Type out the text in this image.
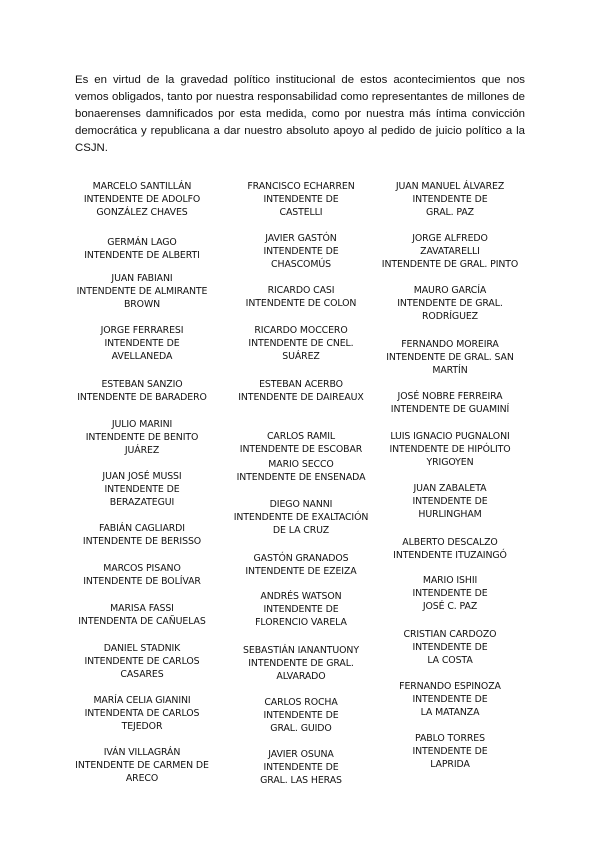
Es en virtud de la gravedad político institucional de estos acontecimientos que nos vemos obligados, tanto por nuestra responsabilidad como representantes de millones de bonaerenses damnificados por esta medida, como por nuestra más íntima convicción democrática y republicana a dar nuestro absoluto apoyo al pedido de juicio político a la CSJN.

MARCELO SANTILLÁN
INTENDENTE DE ADOLFO
GONZÁLEZ CHAVES
GERMÁN LAGO
INTENDENTE DE ALBERTI
JUAN FABIANI
INTENDENTE DE ALMIRANTE
BROWN
JORGE FERRARESI
INTENDENTE DE
AVELLANEDA
ESTEBAN SANZIO
INTENDENTE DE BARADERO
JULIO MARINI
INTENDENTE DE BENITO
JUÁREZ
JUAN JOSÉ MUSSI
INTENDENTE DE
BERAZATEGUI
FABIÁN CAGLIARDI
INTENDENTE DE BERISSO
MARCOS PISANO
INTENDENTE DE BOLÍVAR
MARISA FASSI
INTENDENTA DE CAÑUELAS
DANIEL STADNIK
INTENDENTE DE CARLOS
CASARES
MARÍA CELIA GIANINI
INTENDENTA DE CARLOS
TEJEDOR
IVÁN VILLAGRÁN
INTENDENTE DE CARMEN DE
ARECO
FRANCISCO ECHARREN
INTENDENTE DE
CASTELLI
JAVIER GASTÓN
INTENDENTE DE
CHASCOMÚS
RICARDO CASI
INTENDENTE DE COLON
RICARDO MOCCERO
INTENDENTE DE CNEL.
SUÁREZ
ESTEBAN ACERBO
INTENDENTE DE DAIREAUX
CARLOS RAMIL
INTENDENTE DE ESCOBAR
MARIO SECCO
INTENDENTE DE ENSENADA
DIEGO NANNI
INTENDENTE DE EXALTACIÓN
DE LA CRUZ
GASTÓN GRANADOS
INTENDENTE DE EZEIZA
ANDRÉS WATSON
INTENDENTE DE
FLORENCIO VARELA
SEBASTIÁN IANANTUONY
INTENDENTE DE GRAL.
ALVARADO
CARLOS ROCHA
INTENDENTE DE
GRAL. GUIDO
JAVIER OSUNA
INTENDENTE DE
GRAL. LAS HERAS
JUAN MANUEL ÁLVAREZ
INTENDENTE DE
GRAL. PAZ
JORGE ALFREDO
ZAVATARELLI
INTENDENTE DE GRAL. PINTO
MAURO GARCÍA
INTENDENTE DE GRAL.
RODRÍGUEZ
FERNANDO MOREIRA
INTENDENTE DE GRAL. SAN
MARTÍN
JOSÉ NOBRE FERREIRA
INTENDENTE DE GUAMINÍ
LUIS IGNACIO PUGNALONI
INTENDENTE DE HIPÓLITO
YRIGOYEN
JUAN ZABALETA
INTENDENTE DE
HURLINGHAM
ALBERTO DESCALZO
INTENDENTE ITUZAINGÓ
MARIO ISHII
INTENDENTE DE
JOSÉ C. PAZ
CRISTIAN CARDOZO
INTENDENTE DE
LA COSTA
FERNANDO ESPINOZA
INTENDENTE DE
LA MATANZA
PABLO TORRES
INTENDENTE DE
LAPRIDA
